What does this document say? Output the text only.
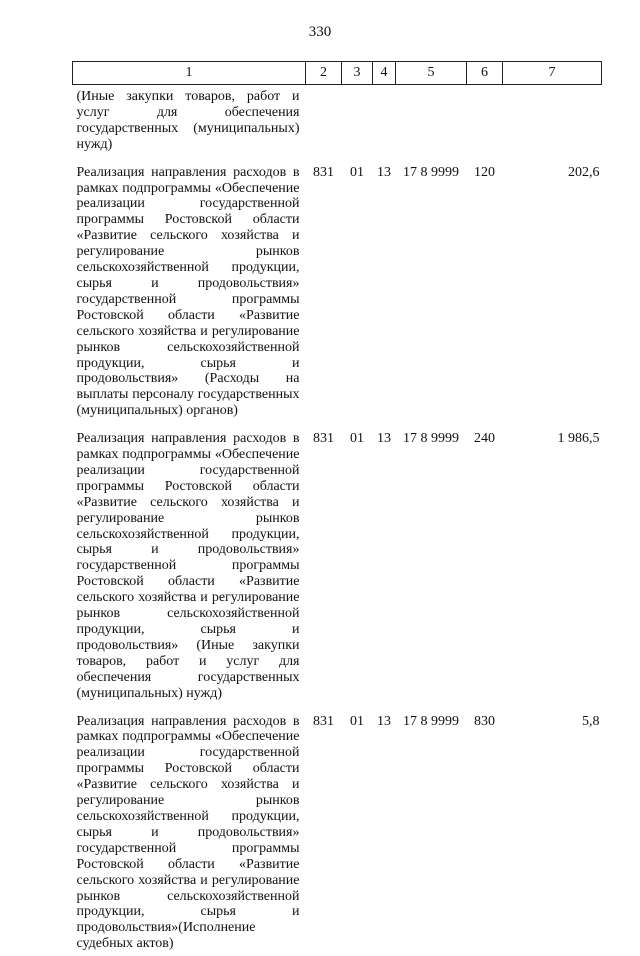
330
1	2	3	4	5	6	7
(Иные закупки товаров, работ и услуг для обеспечения государственных (муниципальных) нужд)						
Реализация направления расходов в рамках подпрограммы «Обеспечение реализации государственной программы Ростовской области «Развитие сельского хозяйства и регулирование рынков сельскохозяйственной продукции, сырья и продовольствия» государственной программы Ростовской области «Развитие сельского хозяйства и регулирование рынков сельскохозяйственной продукции, сырья и продовольствия» (Расходы на выплаты персоналу государственных (муниципальных) органов)	831	01	13	17 8 9999	120	202,6
Реализация направления расходов в рамках подпрограммы «Обеспечение реализации государственной программы Ростовской области «Развитие сельского хозяйства и регулирование рынков сельскохозяйственной продукции, сырья и продовольствия» государственной программы Ростовской области «Развитие сельского хозяйства и регулирование рынков сельскохозяйственной продукции, сырья и продовольствия» (Иные закупки товаров, работ и услуг для обеспечения государственных (муниципальных) нужд)	831	01	13	17 8 9999	240	1 986,5
Реализация направления расходов в рамках подпрограммы «Обеспечение реализации государственной программы Ростовской области «Развитие сельского хозяйства и регулирование рынков сельскохозяйственной продукции, сырья и продовольствия» государственной программы Ростовской области «Развитие сельского хозяйства и регулирование рынков сельскохозяйственной продукции, сырья и продовольствия»(Исполнение судебных актов)	831	01	13	17 8 9999	830	5,8
